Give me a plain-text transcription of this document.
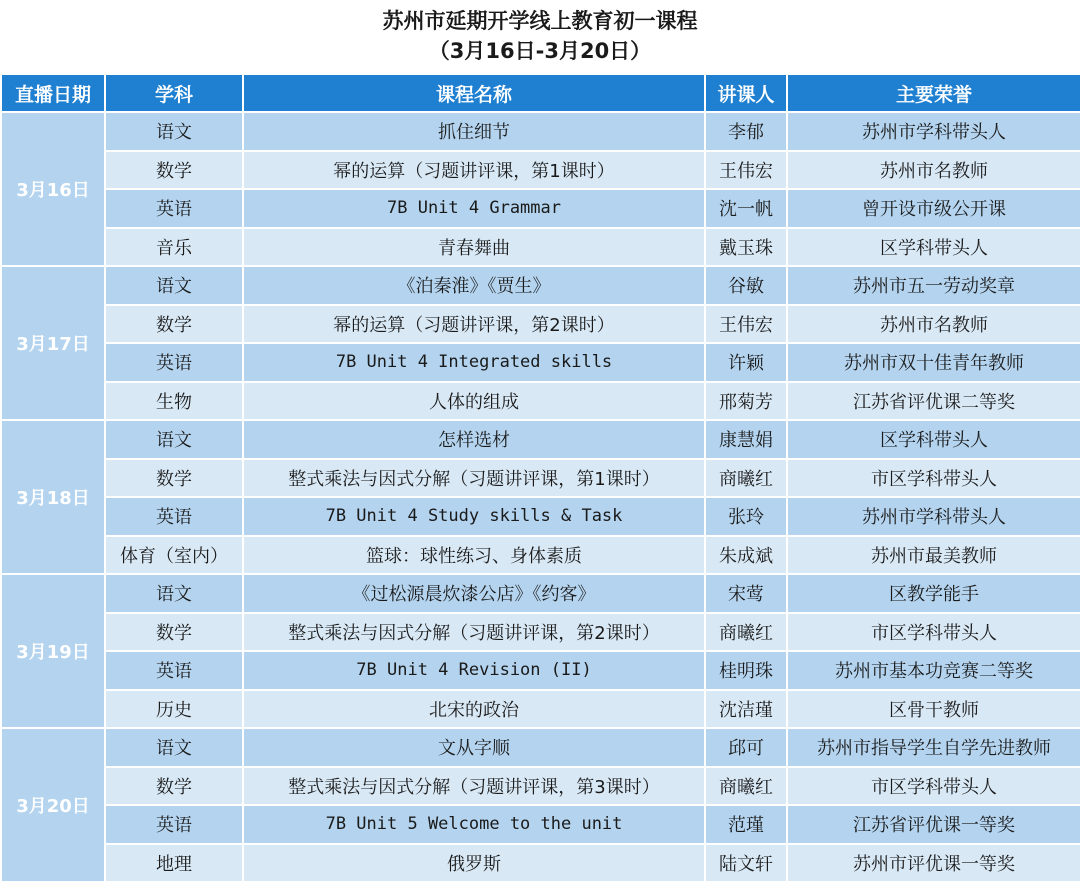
苏州市延期开学线上教育初一课程
（3月16日-3月20日）
直播日期	学科	课程名称	讲课人	主要荣誉
3月16日	语文	抓住细节	李郁	苏州市学科带头人
	数学	幂的运算（习题讲评课，第1课时）	王伟宏	苏州市名教师
	英语	7B Unit 4 Grammar	沈一帆	曾开设市级公开课
	音乐	青春舞曲	戴玉珠	区学科带头人
3月17日	语文	《泊秦淮》《贾生》	谷敏	苏州市五一劳动奖章
	数学	幂的运算（习题讲评课，第2课时）	王伟宏	苏州市名教师
	英语	7B Unit 4 Integrated skills	许颖	苏州市双十佳青年教师
	生物	人体的组成	邢菊芳	江苏省评优课二等奖
3月18日	语文	怎样选材	康慧娟	区学科带头人
	数学	整式乘法与因式分解（习题讲评课，第1课时）	商曦红	市区学科带头人
	英语	7B Unit 4 Study skills & Task	张玲	苏州市学科带头人
	体育（室内）	篮球：球性练习、身体素质	朱成斌	苏州市最美教师
3月19日	语文	《过松源晨炊漆公店》《约客》	宋莺	区教学能手
	数学	整式乘法与因式分解（习题讲评课，第2课时）	商曦红	市区学科带头人
	英语	7B Unit 4 Revision (II)	桂明珠	苏州市基本功竞赛二等奖
	历史	北宋的政治	沈洁瑾	区骨干教师
3月20日	语文	文从字顺	邱可	苏州市指导学生自学先进教师
	数学	整式乘法与因式分解（习题讲评课，第3课时）	商曦红	市区学科带头人
	英语	7B Unit 5 Welcome to the unit	范瑾	江苏省评优课一等奖
	地理	俄罗斯	陆文轩	苏州市评优课一等奖
